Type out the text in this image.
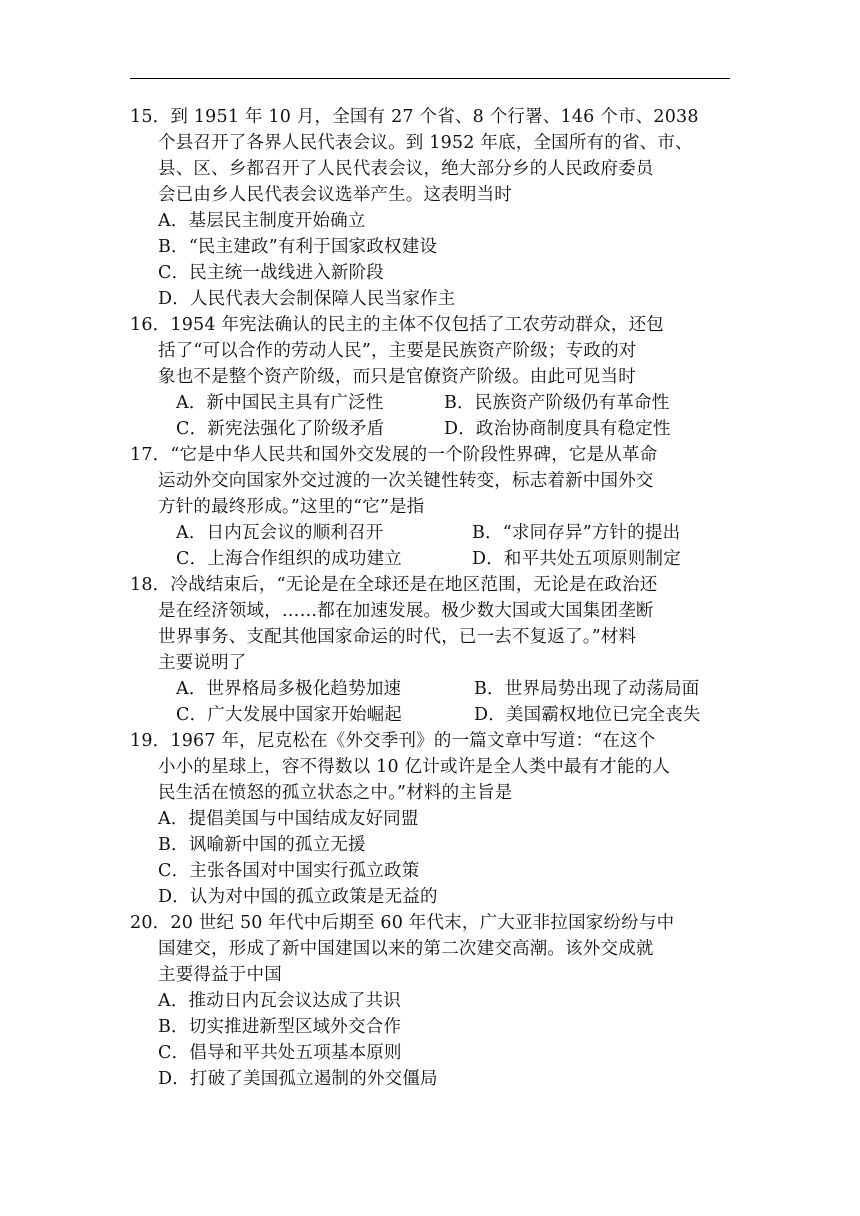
15．到 1951 年 10 月，全国有 27 个省、8 个行署、146 个市、2038
个县召开了各界人民代表会议。到 1952 年底，全国所有的省、市、
县、区、乡都召开了人民代表会议，绝大部分乡的人民政府委员
会已由乡人民代表会议选举产生。这表明当时
A．基层民主制度开始确立
B．“民主建政”有利于国家政权建设
C．民主统一战线进入新阶段
D．人民代表大会制保障人民当家作主
16．1954 年宪法确认的民主的主体不仅包括了工农劳动群众，还包
括了“可以合作的劳动人民”，主要是民族资产阶级；专政的对
象也不是整个资产阶级，而只是官僚资产阶级。由此可见当时
A．新中国民主具有广泛性	B．民族资产阶级仍有革命性
C．新宪法强化了阶级矛盾	D．政治协商制度具有稳定性
17．“它是中华人民共和国外交发展的一个阶段性界碑，它是从革命
运动外交向国家外交过渡的一次关键性转变，标志着新中国外交
方针的最终形成。”这里的“它”是指
A．日内瓦会议的顺利召开	B．“求同存异”方针的提出
C．上海合作组织的成功建立	D．和平共处五项原则制定
18．冷战结束后，“无论是在全球还是在地区范围，无论是在政治还
是在经济领域，……都在加速发展。极少数大国或大国集团垄断
世界事务、支配其他国家命运的时代，已一去不复返了。”材料
主要说明了
A．世界格局多极化趋势加速	B．世界局势出现了动荡局面
C．广大发展中国家开始崛起	D．美国霸权地位已完全丧失
19．1967 年，尼克松在《外交季刊》的一篇文章中写道：“在这个
小小的星球上，容不得数以 10 亿计或许是全人类中最有才能的人
民生活在愤怒的孤立状态之中。”材料的主旨是
A．提倡美国与中国结成友好同盟
B．讽喻新中国的孤立无援
C．主张各国对中国实行孤立政策
D．认为对中国的孤立政策是无益的
20．20 世纪 50 年代中后期至 60 年代末，广大亚非拉国家纷纷与中
国建交，形成了新中国建国以来的第二次建交高潮。该外交成就
主要得益于中国
A．推动日内瓦会议达成了共识
B．切实推进新型区域外交合作
C．倡导和平共处五项基本原则
D．打破了美国孤立遏制的外交僵局
